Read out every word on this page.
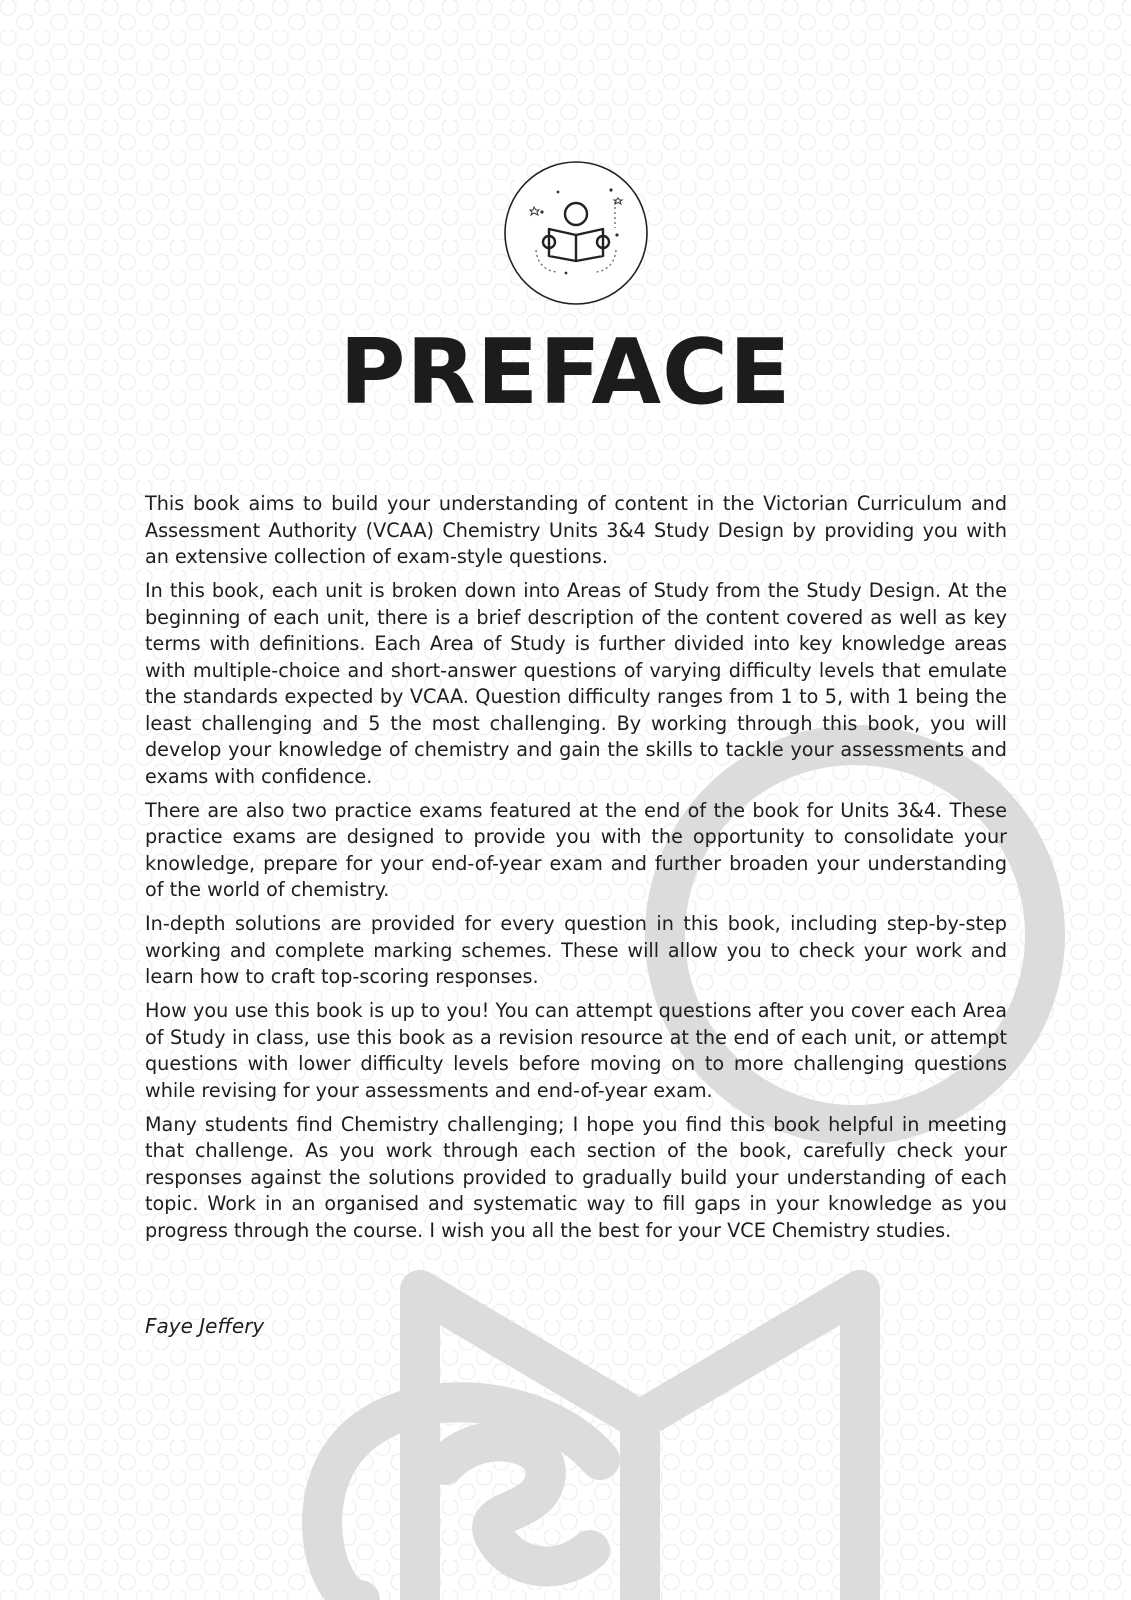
PREFACE

This book aims to build your understanding of content in the Victorian Curriculum and Assessment Authority (VCAA) Chemistry Units 3&4 Study Design by providing you with an extensive collection of exam-style questions.

In this book, each unit is broken down into Areas of Study from the Study Design. At the beginning of each unit, there is a brief description of the content covered as well as key terms with definitions. Each Area of Study is further divided into key knowledge areas with multiple-choice and short-answer questions of varying difficulty levels that emulate the standards expected by VCAA. Question difficulty ranges from 1 to 5, with 1 being the least challenging and 5 the most challenging. By working through this book, you will develop your knowledge of chemistry and gain the skills to tackle your assessments and exams with confidence.

There are also two practice exams featured at the end of the book for Units 3&4. These practice exams are designed to provide you with the opportunity to consolidate your knowledge, prepare for your end-of-year exam and further broaden your understanding of the world of chemistry.

In-depth solutions are provided for every question in this book, including step-by-step working and complete marking schemes. These will allow you to check your work and learn how to craft top-scoring responses.

How you use this book is up to you! You can attempt questions after you cover each Area of Study in class, use this book as a revision resource at the end of each unit, or attempt questions with lower difficulty levels before moving on to more challenging questions while revising for your assessments and end-of-year exam.

Many students find Chemistry challenging; I hope you find this book helpful in meeting that challenge. As you work through each section of the book, carefully check your responses against the solutions provided to gradually build your understanding of each topic. Work in an organised and systematic way to fill gaps in your knowledge as you progress through the course. I wish you all the best for your VCE Chemistry studies.

Faye Jeffery
